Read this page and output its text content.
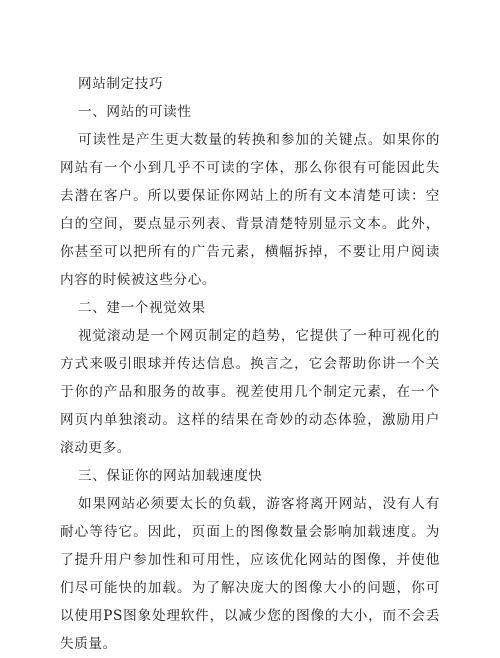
网站制定技巧

一、网站的可读性

可读性是产生更大数量的转换和参加的关键点。如果你的网站有一个小到几乎不可读的字体，那么你很有可能因此失去潜在客户。所以要保证你网站上的所有文本清楚可读：空白的空间，要点显示列表、背景清楚特别显示文本。此外，你甚至可以把所有的广告元素，横幅拆掉，不要让用户阅读内容的时候被这些分心。

二、建一个视觉效果

视觉滚动是一个网页制定的趋势，它提供了一种可视化的方式来吸引眼球并传达信息。换言之，它会帮助你讲一个关于你的产品和服务的故事。视差使用几个制定元素，在一个网页内单独滚动。这样的结果在奇妙的动态体验，激励用户滚动更多。

三、保证你的网站加载速度快

如果网站必须要太长的负载，游客将离开网站，没有人有耐心等待它。因此，页面上的图像数量会影响加载速度。为了提升用户参加性和可用性，应该优化网站的图像，并使他们尽可能快的加载。为了解决庞大的图像大小的问题，你可以使用PS图象处理软件，以减少您的图像的大小，而不会丢失质量。
